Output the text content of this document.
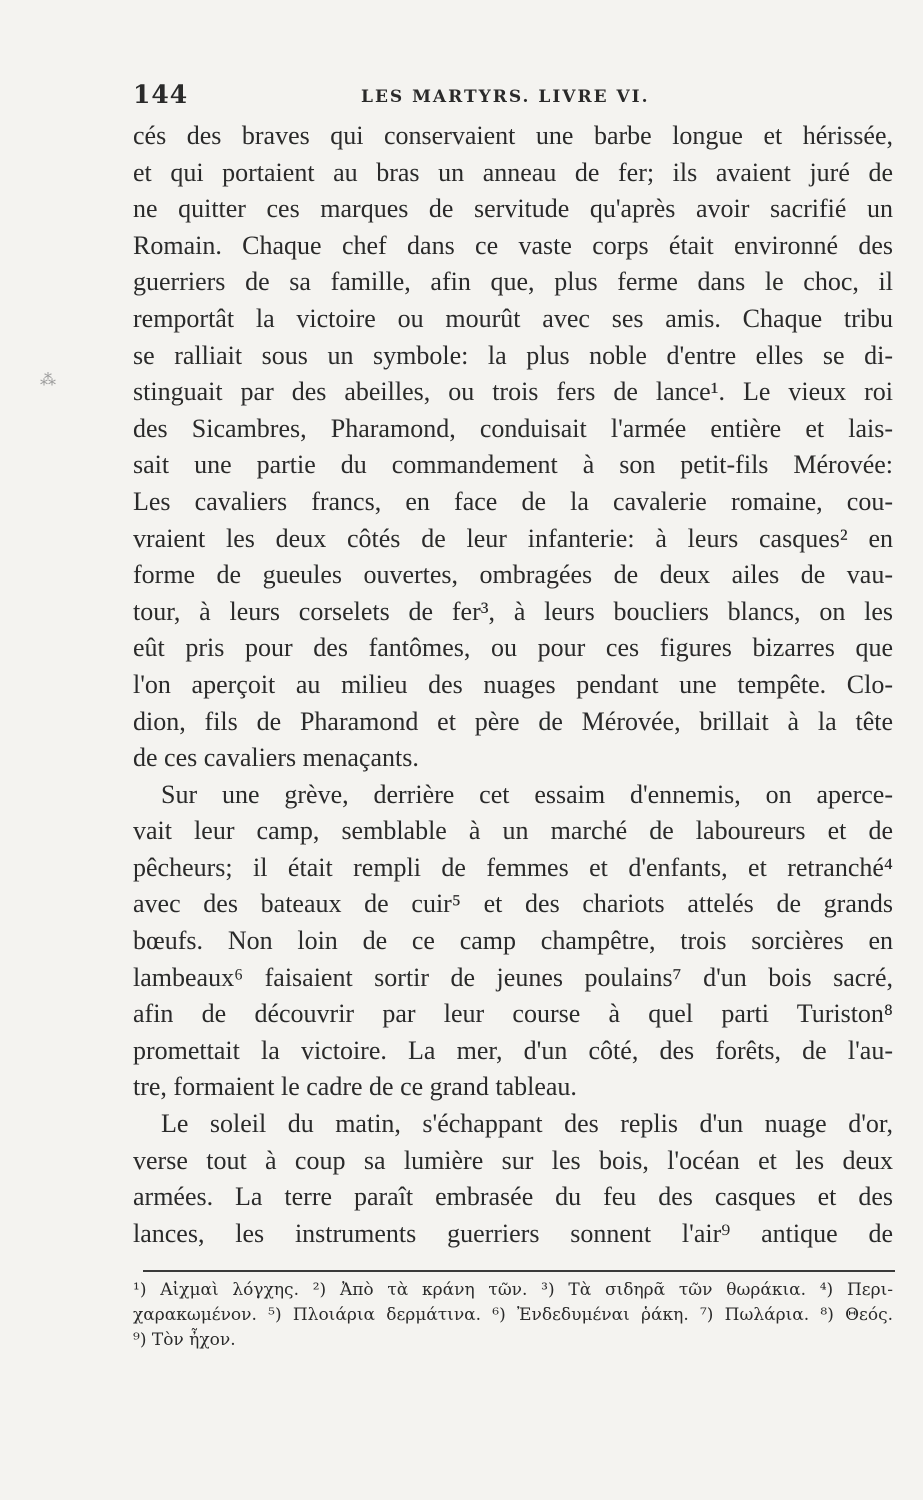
144	LES MARTYRS. LIVRE VI.
⁂
cés des braves qui conservaient une barbe longue et hérissée,
et qui portaient au bras un anneau de fer; ils avaient juré de
ne quitter ces marques de servitude qu'après avoir sacrifié un
Romain. Chaque chef dans ce vaste corps était environné des
guerriers de sa famille, afin que, plus ferme dans le choc, il
remportât la victoire ou mourût avec ses amis. Chaque tribu
se ralliait sous un symbole: la plus noble d'entre elles se di-
stinguait par des abeilles, ou trois fers de lance¹. Le vieux roi
des Sicambres, Pharamond, conduisait l'armée entière et lais-
sait une partie du commandement à son petit-fils Mérovée:
Les cavaliers francs, en face de la cavalerie romaine, cou-
vraient les deux côtés de leur infanterie: à leurs casques² en
forme de gueules ouvertes, ombragées de deux ailes de vau-
tour, à leurs corselets de fer³, à leurs boucliers blancs, on les
eût pris pour des fantômes, ou pour ces figures bizarres que
l'on aperçoit au milieu des nuages pendant une tempête. Clo-
dion, fils de Pharamond et père de Mérovée, brillait à la tête
de ces cavaliers menaçants.
Sur une grève, derrière cet essaim d'ennemis, on aperce-
vait leur camp, semblable à un marché de laboureurs et de
pêcheurs; il était rempli de femmes et d'enfants, et retranché⁴
avec des bateaux de cuir⁵ et des chariots attelés de grands
bœufs. Non loin de ce camp champêtre, trois sorcières en
lambeaux⁶ faisaient sortir de jeunes poulains⁷ d'un bois sacré,
afin de découvrir par leur course à quel parti Turiston⁸
promettait la victoire. La mer, d'un côté, des forêts, de l'au-
tre, formaient le cadre de ce grand tableau.
Le soleil du matin, s'échappant des replis d'un nuage d'or,
verse tout à coup sa lumière sur les bois, l'océan et les deux
armées. La terre paraît embrasée du feu des casques et des
lances, les instruments guerriers sonnent l'air⁹ antique de
¹) Αἰχμαὶ λόγχης. ²) Ἀπὸ τὰ κράνη τῶν. ³) Τὰ σιδηρᾶ τῶν θωράκια. ⁴) Περι-
χαρακωμένον. ⁵) Πλοιάρια δερμάτινα. ⁶) Ἐνδεδυμέναι ῥάκη. ⁷) Πωλάρια. ⁸) Θεός.
⁹) Τὸν ἦχον.
